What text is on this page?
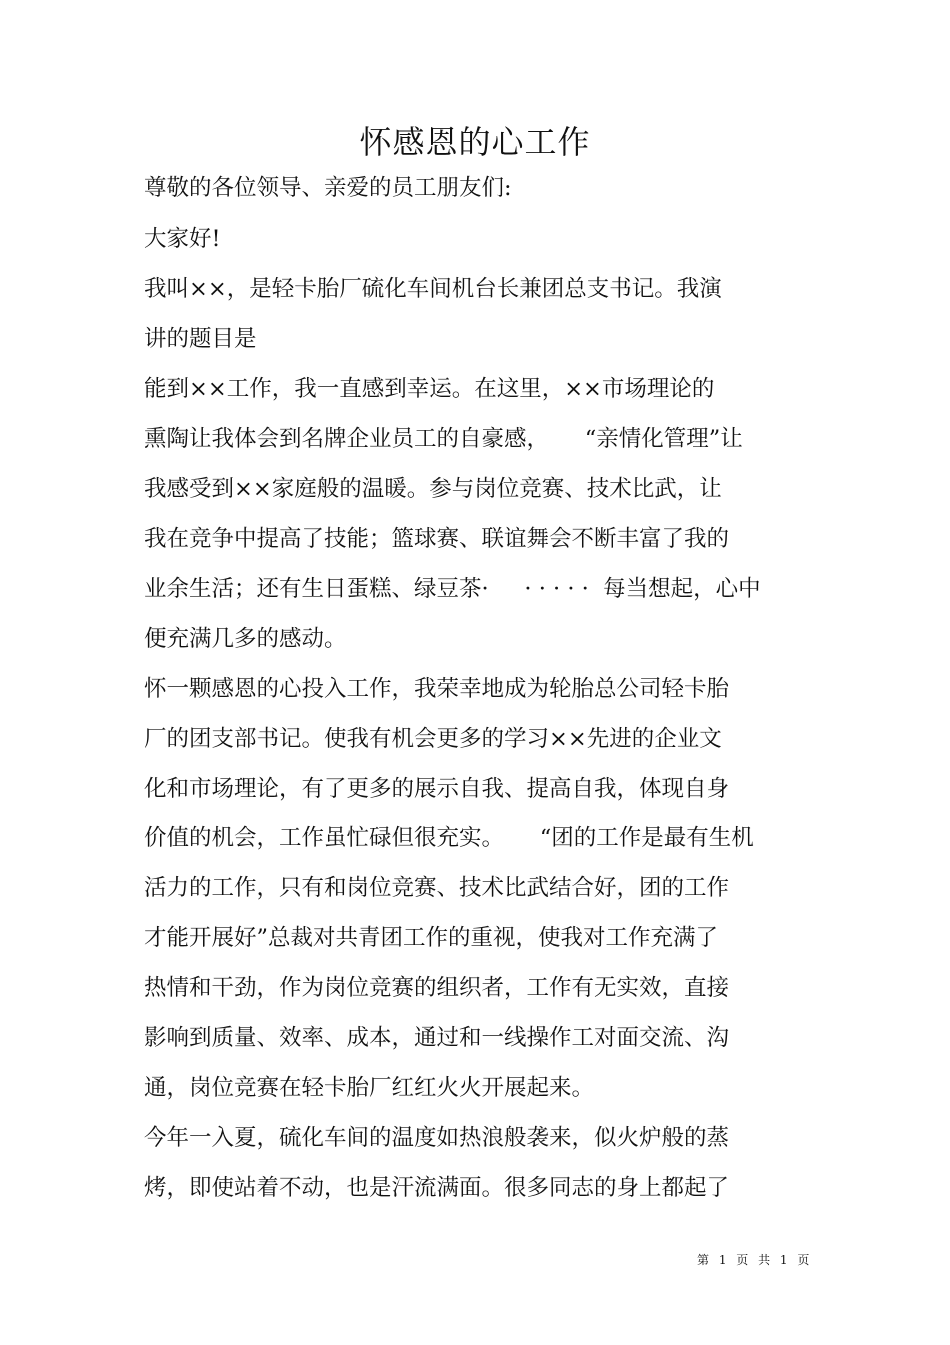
怀感恩的心工作
尊敬的各位领导、亲爱的员工朋友们:
大家好!
我叫××，是轻卡胎厂硫化车间机台长兼团总支书记。我演
讲的题目是
能到××工作，我一直感到幸运。在这里，××市场理论的
熏陶让我体会到名牌企业员工的自豪感，     “亲情化管理”让
我感受到××家庭般的温暖。参与岗位竞赛、技术比武，让
我在竞争中提高了技能；篮球赛、联谊舞会不断丰富了我的
业余生活；还有生日蛋糕、绿豆茶·     · · · · ·  每当想起，心中
便充满几多的感动。
怀一颗感恩的心投入工作，我荣幸地成为轮胎总公司轻卡胎
厂的团支部书记。使我有机会更多的学习××先进的企业文
化和市场理论，有了更多的展示自我、提高自我，体现自身
价值的机会，工作虽忙碌但很充实。     “团的工作是最有生机
活力的工作，只有和岗位竞赛、技术比武结合好，团的工作
才能开展好”总裁对共青团工作的重视，使我对工作充满了
热情和干劲，作为岗位竞赛的组织者，工作有无实效，直接
影响到质量、效率、成本，通过和一线操作工对面交流、沟
通，岗位竞赛在轻卡胎厂红红火火开展起来。
今年一入夏，硫化车间的温度如热浪般袭来，似火炉般的蒸
烤，即使站着不动，也是汗流满面。很多同志的身上都起了
第 1 页 共 1 页
